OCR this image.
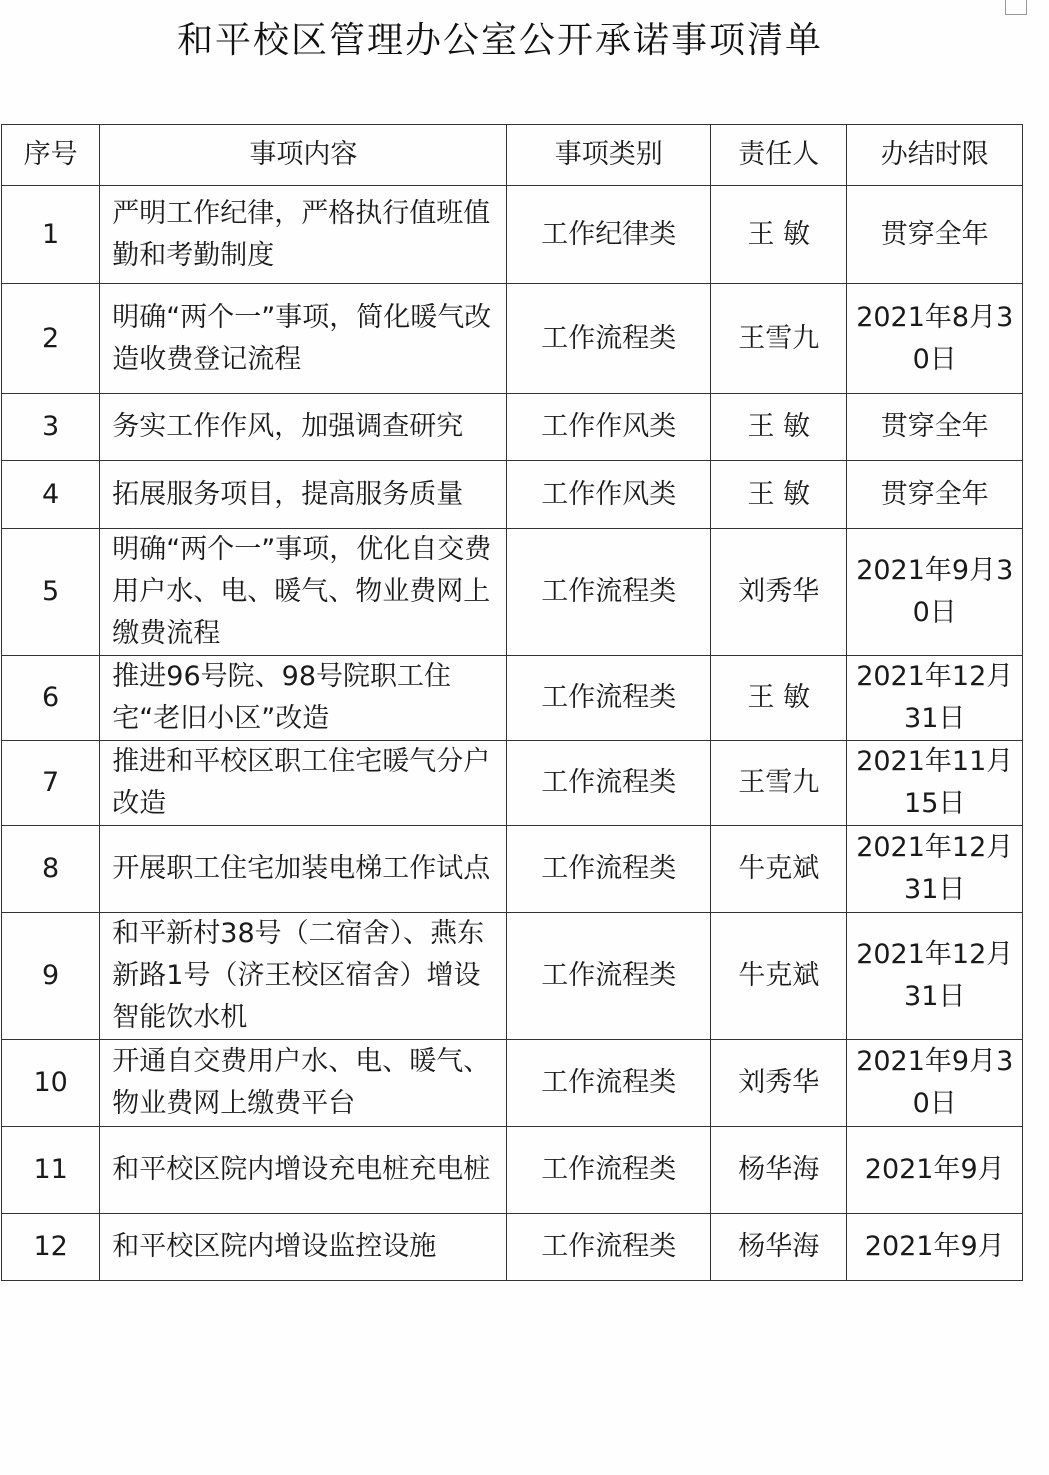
和平校区管理办公室公开承诺事项清单
序号	事项内容	事项类别	责任人	办结时限
1	严明工作纪律，严格执行值班值勤和考勤制度	工作纪律类	王 敏	贯穿全年
2	明确“两个一”事项，简化暖气改造收费登记流程	工作流程类	王雪九	2021年8月30日
3	务实工作作风，加强调查研究	工作作风类	王 敏	贯穿全年
4	拓展服务项目，提高服务质量	工作作风类	王 敏	贯穿全年
5	明确“两个一”事项，优化自交费用户水、电、暖气、物业费网上缴费流程	工作流程类	刘秀华	2021年9月30日
6	推进96号院、98号院职工住宅“老旧小区”改造	工作流程类	王 敏	2021年12月31日
7	推进和平校区职工住宅暖气分户改造	工作流程类	王雪九	2021年11月15日
8	开展职工住宅加装电梯工作试点	工作流程类	牛克斌	2021年12月31日
9	和平新村38号（二宿舍）、燕东新路1号（济王校区宿舍）增设智能饮水机	工作流程类	牛克斌	2021年12月31日
10	开通自交费用户水、电、暖气、物业费网上缴费平台	工作流程类	刘秀华	2021年9月30日
11	和平校区院内增设充电桩充电桩	工作流程类	杨华海	2021年9月
12	和平校区院内增设监控设施	工作流程类	杨华海	2021年9月
